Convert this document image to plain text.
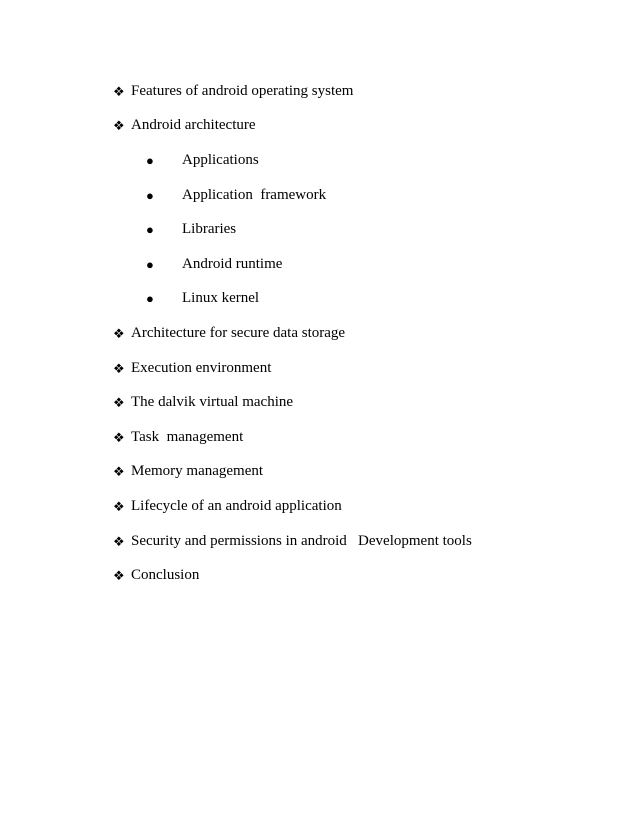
❖ Features of android operating system
❖ Android architecture
●	Applications
●	Application  framework
●	Libraries
●	Android runtime
●	Linux kernel
❖ Architecture for secure data storage
❖ Execution environment
❖ The dalvik virtual machine
❖ Task  management
❖ Memory management
❖ Lifecycle of an android application
❖ Security and permissions in android   Development tools
❖ Conclusion
